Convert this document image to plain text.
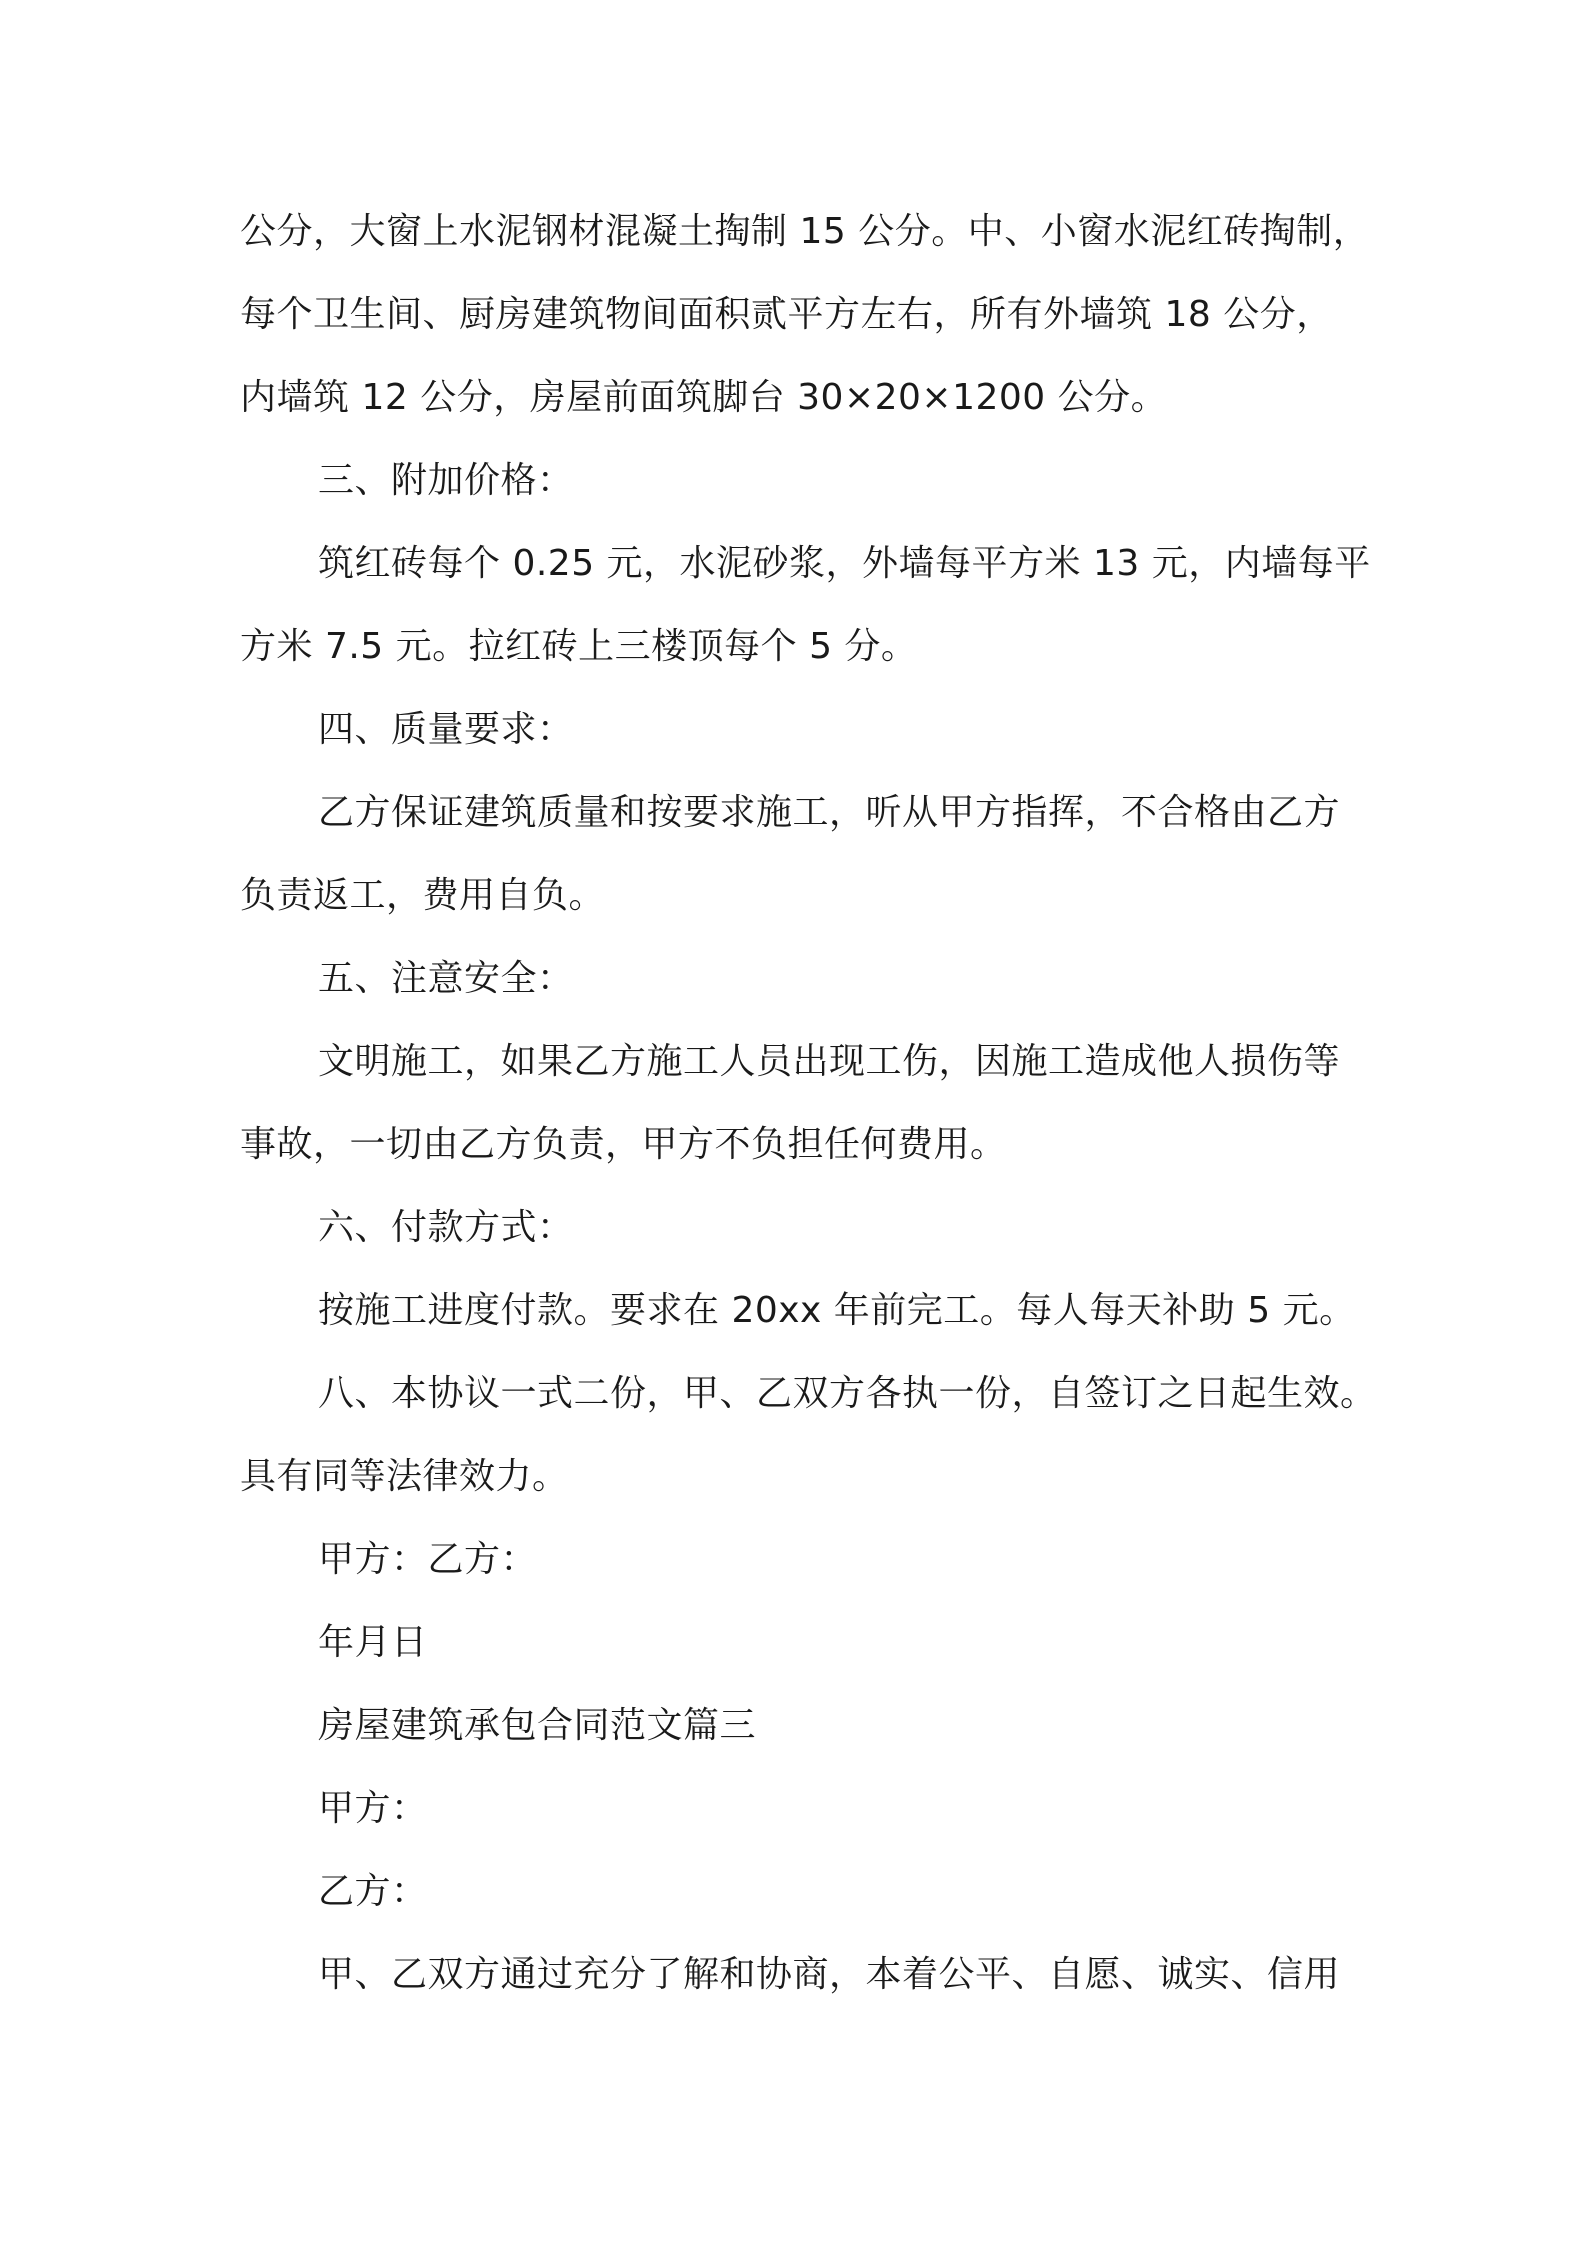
公分，大窗上水泥钢材混凝土掏制 15 公分。中、小窗水泥红砖掏制，

每个卫生间、厨房建筑物间面积贰平方左右，所有外墙筑 18 公分，

内墙筑 12 公分，房屋前面筑脚台 30×20×1200 公分。

三、附加价格：

筑红砖每个 0.25 元，水泥砂浆，外墙每平方米 13 元，内墙每平

方米 7.5 元。拉红砖上三楼顶每个 5 分。

四、质量要求：

乙方保证建筑质量和按要求施工，听从甲方指挥，不合格由乙方

负责返工，费用自负。

五、注意安全：

文明施工，如果乙方施工人员出现工伤，因施工造成他人损伤等

事故，一切由乙方负责，甲方不负担任何费用。

六、付款方式：

按施工进度付款。要求在 20xx 年前完工。每人每天补助 5 元。

八、本协议一式二份，甲、乙双方各执一份，自签订之日起生效。

具有同等法律效力。

甲方：乙方：

年月日

房屋建筑承包合同范文篇三

甲方：

乙方：

甲、乙双方通过充分了解和协商，本着公平、自愿、诚实、信用
